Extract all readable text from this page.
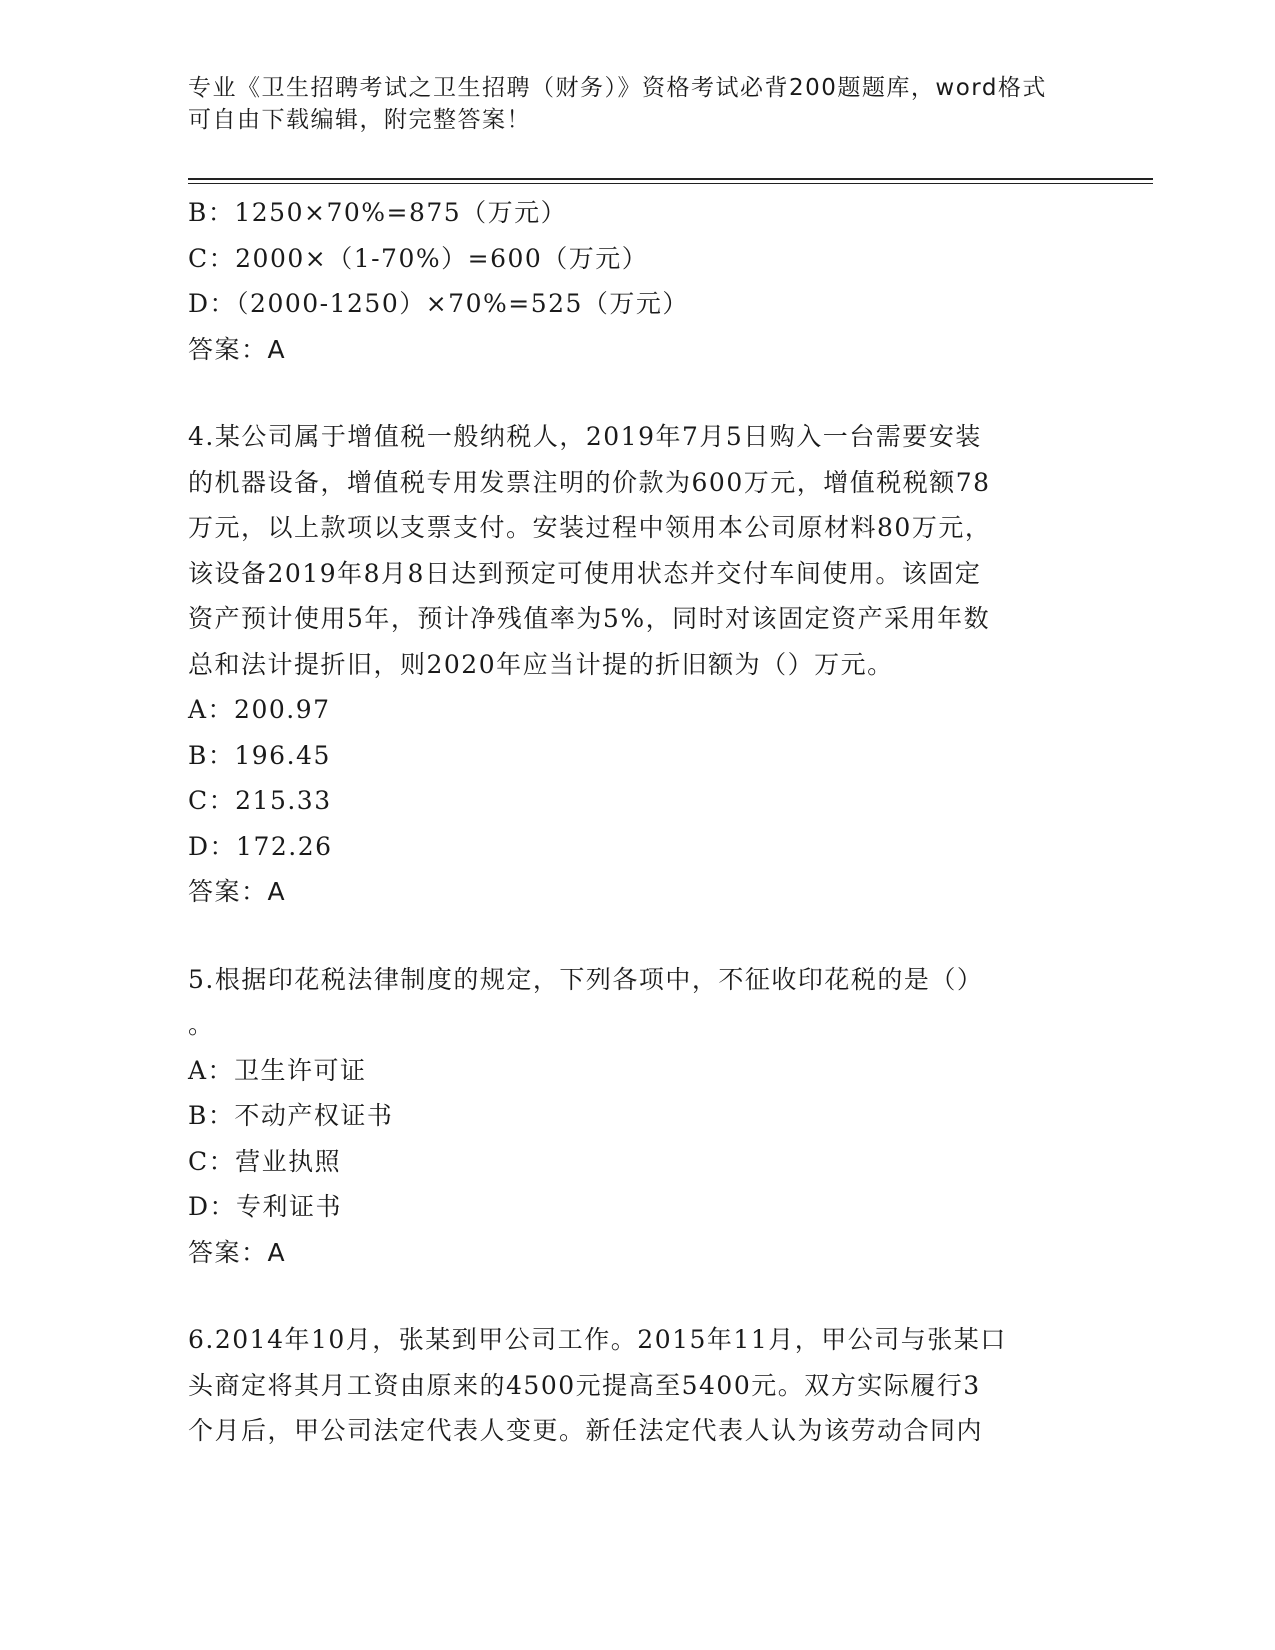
专业《卫生招聘考试之卫生招聘（财务）》资格考试必背200题题库，word格式
可自由下载编辑，附完整答案！
B：1250×70%=875（万元）
C：2000×（1-70%）=600（万元）
D：（2000-1250）×70%=525（万元）
答案：A
4.某公司属于增值税一般纳税人，2019年7月5日购入一台需要安装
的机器设备，增值税专用发票注明的价款为600万元，增值税税额78
万元，以上款项以支票支付。安装过程中领用本公司原材料80万元，
该设备2019年8月8日达到预定可使用状态并交付车间使用。该固定
资产预计使用5年，预计净残值率为5%，同时对该固定资产采用年数
总和法计提折旧，则2020年应当计提的折旧额为（）万元。
A：200.97
B：196.45
C：215.33
D：172.26
答案：A
5.根据印花税法律制度的规定，下列各项中，不征收印花税的是（）
。
A：卫生许可证
B：不动产权证书
C：营业执照
D：专利证书
答案：A
6.2014年10月，张某到甲公司工作。2015年11月，甲公司与张某口
头商定将其月工资由原来的4500元提高至5400元。双方实际履行3
个月后，甲公司法定代表人变更。新任法定代表人认为该劳动合同内
